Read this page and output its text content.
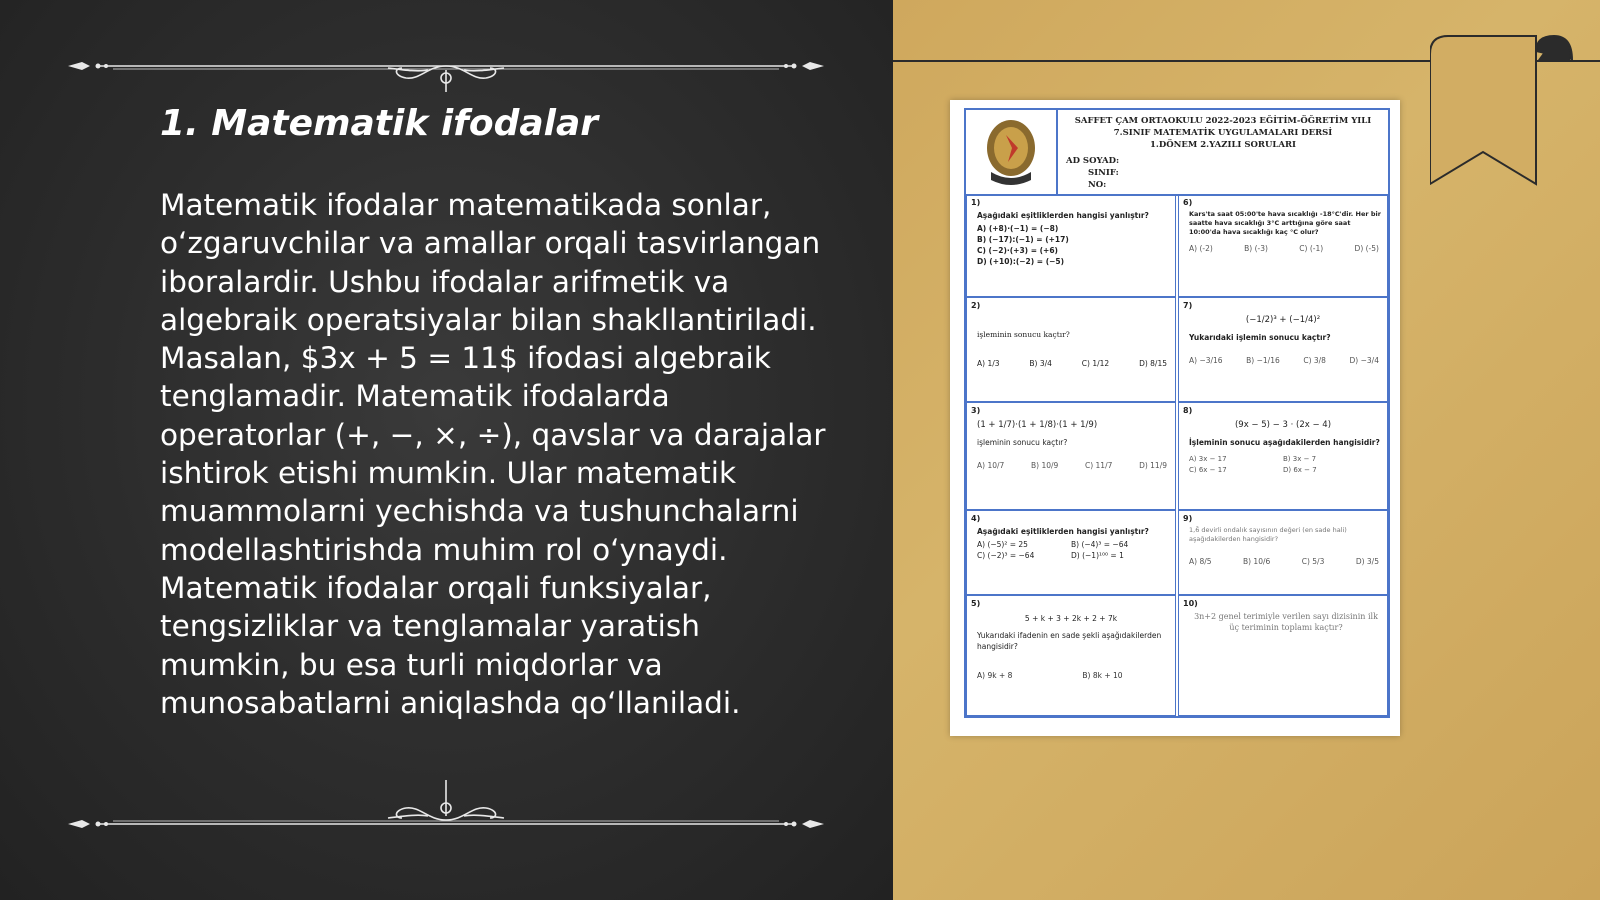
1. Matematik ifodalar

Matematik ifodalar matematikada sonlar, oʻzgaruvchilar va amallar orqali tasvirlangan iboralardir. Ushbu ifodalar arifmetik va algebraik operatsiyalar bilan shakllantiriladi. Masalan, $3x + 5 = 11$ ifodasi algebraik tenglamadir. Matematik ifodalarda operatorlar (+, −, ×, ÷), qavslar va darajalar ishtirok etishi mumkin. Ular matematik muammolarni yechishda va tushunchalarni modellashtirishda muhim rol oʻynaydi. Matematik ifodalar orqali funksiyalar, tengsizliklar va tenglamalar yaratish mumkin, bu esa turli miqdorlar va munosabatlarni aniqlashda qoʻllaniladi.

SAFFET ÇAM ORTAOKULU 2022-2023 EĞİTİM-ÖĞRETİM YILI
7.SINIF MATEMATİK UYGULAMALARI DERSİ
1.DÖNEM 2.YAZILI SORULARI

AD SOYAD:
SINIF:
NO:
1)
Aşağıdaki eşitliklerden hangisi yanlıştır?
A) (+8)·(−1) = (−8)
B) (−17):(−1) = (+17)
C) (−2)·(+3) = (+6)
D) (+10):(−2) = (−5)
6)
Kars'ta saat 05:00'te hava sıcaklığı -18°C'dir. Her bir saatte hava sıcaklığı 3°C arttığına göre saat 10:00'da hava sıcaklığı kaç °C olur?
A) (-2)	B) (-3)	C) (-1)	D) (-5)
2)
işleminin sonucu kaçtır?
A) 1/3	B) 3/4	C) 1/12	D) 8/15
7)
(−1/2)³ + (−1/4)²
Yukarıdaki işlemin sonucu kaçtır?
A) −3/16	B) −1/16	C) 3/8	D) −3/4
3)
(1 + 1/7)·(1 + 1/8)·(1 + 1/9)
işleminin sonucu kaçtır?
A) 10/7	B) 10/9	C) 11/7	D) 11/9
8)
(9x − 5) − 3 · (2x − 4)
İşleminin sonucu aşağıdakilerden hangisidir?
A) 3x − 17	B) 3x − 7
C) 6x − 17	D) 6x − 7
4)
Aşağıdaki eşitliklerden hangisi yanlıştır?
A) (−5)² = 25	B) (−4)³ = −64
C) (−2)³ = −64	D) (−1)¹⁰⁰ = 1
9)
1,6̄ devirli ondalık sayısının değeri (en sade hali) aşağıdakilerden hangisidir?
A) 8/5	B) 10/6	C) 5/3	D) 3/5
5)
5 + k + 3 + 2k + 2 + 7k
Yukarıdaki ifadenin en sade şekli aşağıdakilerden hangisidir?
A) 9k + 8	B) 8k + 10
10)
3n+2 genel terimiyle verilen sayı dizisinin ilk üç teriminin toplamı kaçtır?
